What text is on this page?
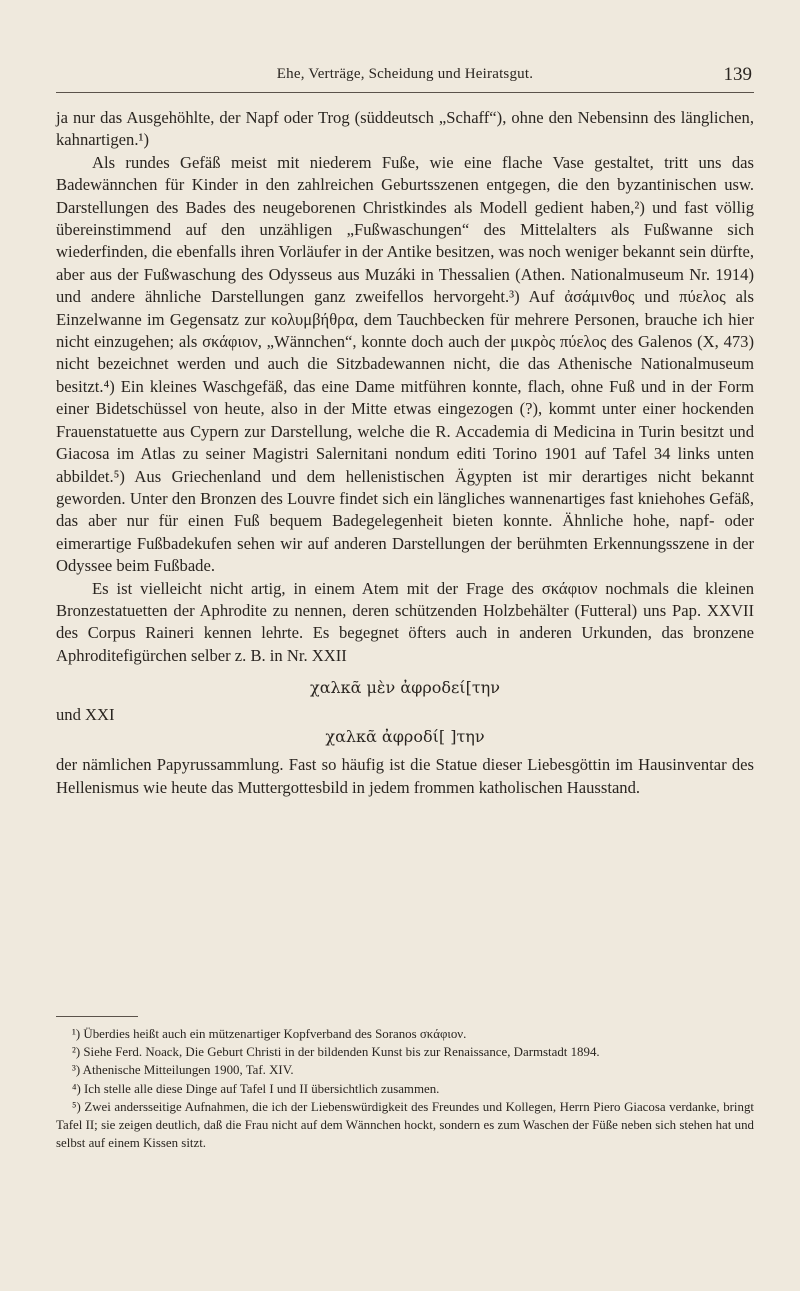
Ehe, Verträge, Scheidung und Heiratsgut.	139

ja nur das Ausgehöhlte, der Napf oder Trog (süddeutsch „Schaff“), ohne den Nebensinn des länglichen, kahnartigen.¹)

Als rundes Gefäß meist mit niederem Fuße, wie eine flache Vase gestaltet, tritt uns das Badewännchen für Kinder in den zahlreichen Geburtsszenen entgegen, die den byzantinischen usw. Darstellungen des Bades des neugeborenen Christkindes als Modell gedient haben,²) und fast völlig übereinstimmend auf den unzähligen „Fußwaschungen“ des Mittelalters als Fußwanne sich wiederfinden, die ebenfalls ihren Vorläufer in der Antike besitzen, was noch weniger bekannt sein dürfte, aber aus der Fußwaschung des Odysseus aus Muzáki in Thessalien (Athen. Nationalmuseum Nr. 1914) und andere ähnliche Darstellungen ganz zweifellos hervorgeht.³) Auf ἀσάμινθος und πύελος als Einzelwanne im Gegensatz zur κολυμβήθρα, dem Tauchbecken für mehrere Personen, brauche ich hier nicht einzugehen; als σκάφιον, „Wännchen“, konnte doch auch der μικρὸς πύελος des Galenos (X, 473) nicht bezeichnet werden und auch die Sitzbadewannen nicht, die das Athenische Nationalmuseum besitzt.⁴) Ein kleines Waschgefäß, das eine Dame mitführen konnte, flach, ohne Fuß und in der Form einer Bidetschüssel von heute, also in der Mitte etwas eingezogen (?), kommt unter einer hockenden Frauenstatuette aus Cypern zur Darstellung, welche die R. Accademia di Medicina in Turin besitzt und Giacosa im Atlas zu seiner Magistri Salernitani nondum editi Torino 1901 auf Tafel 34 links unten abbildet.⁵) Aus Griechenland und dem hellenistischen Ägypten ist mir derartiges nicht bekannt geworden. Unter den Bronzen des Louvre findet sich ein längliches wannenartiges fast kniehohes Gefäß, das aber nur für einen Fuß bequem Badegelegenheit bieten konnte. Ähnliche hohe, napf- oder eimerartige Fußbadekufen sehen wir auf anderen Darstellungen der berühmten Erkennungsszene in der Odyssee beim Fußbade.

Es ist vielleicht nicht artig, in einem Atem mit der Frage des σκάφιον nochmals die kleinen Bronzestatuetten der Aphrodite zu nennen, deren schützenden Holzbehälter (Futteral) uns Pap. XXVII des Corpus Raineri kennen lehrte. Es begegnet öfters auch in anderen Urkunden, das bronzene Aphroditefigürchen selber z. B. in Nr. XXII

χαλκᾶ μὲν ἀφροδεί[την

und XXI

χαλκᾶ ἀφροδί[ ]την

der nämlichen Papyrussammlung. Fast so häufig ist die Statue dieser Liebesgöttin im Hausinventar des Hellenismus wie heute das Muttergottesbild in jedem frommen katholischen Hausstand.

¹) Überdies heißt auch ein mützenartiger Kopfverband des Soranos σκάφιον.

²) Siehe Ferd. Noack, Die Geburt Christi in der bildenden Kunst bis zur Renaissance, Darmstadt 1894.

³) Athenische Mitteilungen 1900, Taf. XIV.

⁴) Ich stelle alle diese Dinge auf Tafel I und II übersichtlich zusammen.

⁵) Zwei andersseitige Aufnahmen, die ich der Liebenswürdigkeit des Freundes und Kollegen, Herrn Piero Giacosa verdanke, bringt Tafel II; sie zeigen deutlich, daß die Frau nicht auf dem Wännchen hockt, sondern es zum Waschen der Füße neben sich stehen hat und selbst auf einem Kissen sitzt.
